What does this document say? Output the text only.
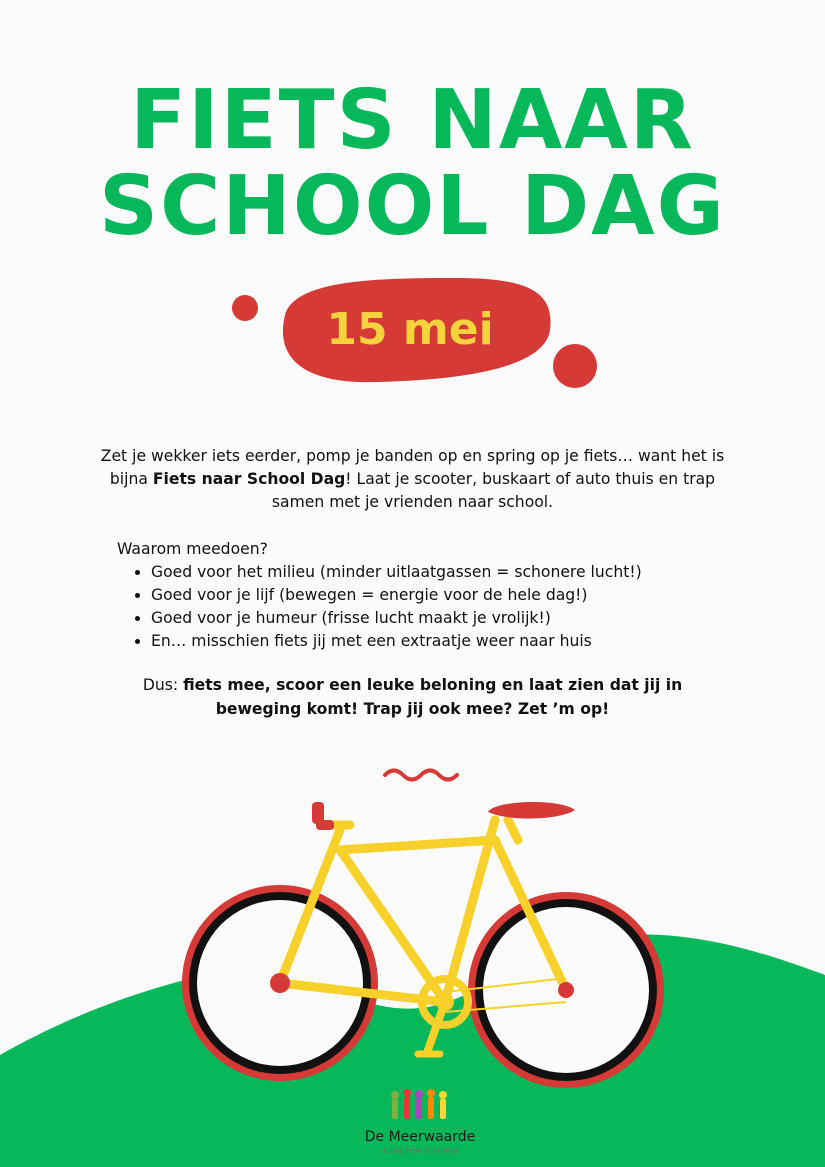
FIETS NAAR
SCHOOL DAG
15 mei

Zet je wekker iets eerder, pomp je banden op en spring op je fiets… want het is bijna Fiets naar School Dag! Laat je scooter, buskaart of auto thuis en trap samen met je vrienden naar school.

Waarom meedoen?
• Goed voor het milieu (minder uitlaatgassen = schonere lucht!)
• Goed voor je lijf (bewegen = energie voor de hele dag!)
• Goed voor je humeur (frisse lucht maakt je vrolijk!)
• En… misschien fiets jij met een extraatje weer naar huis

Dus: fiets mee, scoor een leuke beloning en laat zien dat jij in beweging komt! Trap jij ook mee? Zet ’m op!

De Meerwaarde
Actief in de Toekomst
